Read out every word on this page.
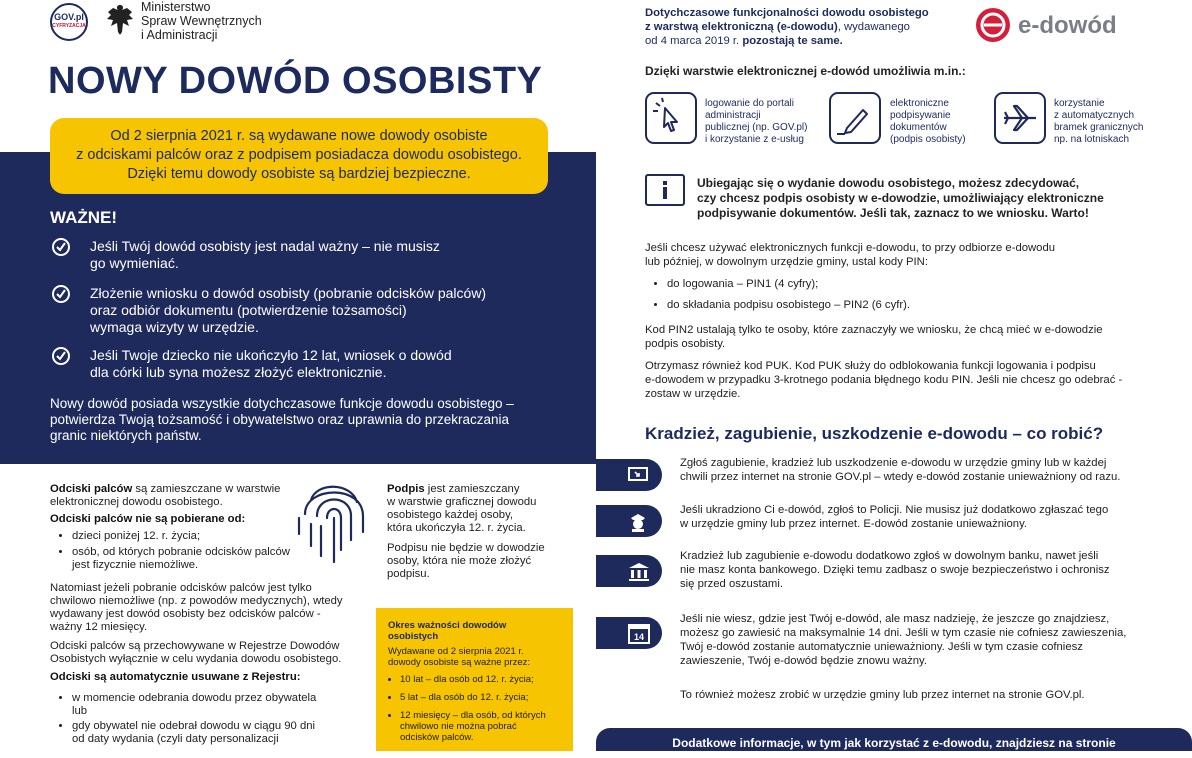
GOV.pl
CYFRYZACJA
Ministerstwo
Spraw Wewnętrznych
i Administracji
NOWY DOWÓD OSOBISTY
Od 2 sierpnia 2021 r. są wydawane nowe dowody osobiste
z odciskami palców oraz z podpisem posiadacza dowodu osobistego.
Dzięki temu dowody osobiste są bardziej bezpieczne.
WAŻNE!
Jeśli Twój dowód osobisty jest nadal ważny – nie musisz
go wymieniać.
Złożenie wniosku o dowód osobisty (pobranie odcisków palców)
oraz odbiór dokumentu (potwierdzenie tożsamości)
wymaga wizyty w urzędzie.
Jeśli Twoje dziecko nie ukończyło 12 lat, wniosek o dowód
dla córki lub syna możesz złożyć elektronicznie.
Nowy dowód posiada wszystkie dotychczasowe funkcje dowodu osobistego –
potwierdza Twoją tożsamość i obywatelstwo oraz uprawnia do przekraczania
granic niektórych państw.
Odciski palców są zamieszczane w warstwie
elektronicznej dowodu osobistego.
Odciski palców nie są pobierane od:
• dzieci poniżej 12. r. życia;
• osób, od których pobranie odcisków palców
jest fizycznie niemożliwe.
Natomiast jeżeli pobranie odcisków palców jest tylko
chwilowo niemożliwe (np. z powodów medycznych), wtedy
wydawany jest dowód osobisty bez odcisków palców -
ważny 12 miesięcy.
Odciski palców są przechowywane w Rejestrze Dowodów
Osobistych wyłącznie w celu wydania dowodu osobistego.
Odciski są automatycznie usuwane z Rejestru:
• w momencie odebrania dowodu przez obywatela
lub
• gdy obywatel nie odebrał dowodu w ciągu 90 dni
od daty wydania (czyli daty personalizacji
Podpis jest zamieszczany
w warstwie graficznej dowodu
osobistego każdej osoby,
która ukończyła 12. r. życia.
Podpisu nie będzie w dowodzie
osoby, która nie może złożyć
podpisu.
Okres ważności dowodów
osobistych
Wydawane od 2 sierpnia 2021 r.
dowody osobiste są ważne przez:
• 10 lat – dla osób od 12. r. życia;
• 5 lat – dla osób do 12. r. życia;
• 12 miesięcy – dla osób, od których
chwilowo nie można pobrać
odcisków palców.
Dotychczasowe funkcjonalności dowodu osobistego
z warstwą elektroniczną (e-dowodu), wydawanego
od 4 marca 2019 r. pozostają te same.
e-dowód
Dzięki warstwie elektronicznej e-dowód umożliwia m.in.:
logowanie do portali
administracji
publicznej (np. GOV.pl)
i korzystanie z e-usług
elektroniczne
podpisywanie
dokumentów
(podpis osobisty)
korzystanie
z automatycznych
bramek granicznych
np. na lotniskach
Ubiegając się o wydanie dowodu osobistego, możesz zdecydować,
czy chcesz podpis osobisty w e-dowodzie, umożliwiający elektroniczne
podpisywanie dokumentów. Jeśli tak, zaznacz to we wniosku. Warto!
Jeśli chcesz używać elektronicznych funkcji e-dowodu, to przy odbiorze e-dowodu
lub później, w dowolnym urzędzie gminy, ustal kody PIN:
• do logowania – PIN1 (4 cyfry);
• do składania podpisu osobistego – PIN2 (6 cyfr).
Kod PIN2 ustalają tylko te osoby, które zaznaczyły we wniosku, że chcą mieć w e-dowodzie
podpis osobisty.
Otrzymasz również kod PUK. Kod PUK służy do odblokowania funkcji logowania i podpisu
e-dowodem w przypadku 3-krotnego podania błędnego kodu PIN. Jeśli nie chcesz go odebrać -
zostaw w urzędzie.
Kradzież, zagubienie, uszkodzenie e-dowodu – co robić?
Zgłoś zagubienie, kradzież lub uszkodzenie e-dowodu w urzędzie gminy lub w każdej
chwili przez internet na stronie GOV.pl – wtedy e-dowód zostanie unieważniony od razu.
Jeśli ukradziono Ci e-dowód, zgłoś to Policji. Nie musisz już dodatkowo zgłaszać tego
w urzędzie gminy lub przez internet. E-dowód zostanie unieważniony.
Kradzież lub zagubienie e-dowodu dodatkowo zgłoś w dowolnym banku, nawet jeśli
nie masz konta bankowego. Dzięki temu zadbasz o swoje bezpieczeństwo i ochronisz
się przed oszustami.
14
Jeśli nie wiesz, gdzie jest Twój e-dowód, ale masz nadzieję, że jeszcze go znajdziesz,
możesz go zawiesić na maksymalnie 14 dni. Jeśli w tym czasie nie cofniesz zawieszenia,
Twój e-dowód zostanie automatycznie unieważniony. Jeśli w tym czasie cofniesz
zawieszenie, Twój e-dowód będzie znowu ważny.
To również możesz zrobić w urzędzie gminy lub przez internet na stronie GOV.pl.
Dodatkowe informacje, w tym jak korzystać z e-dowodu, znajdziesz na stronie
